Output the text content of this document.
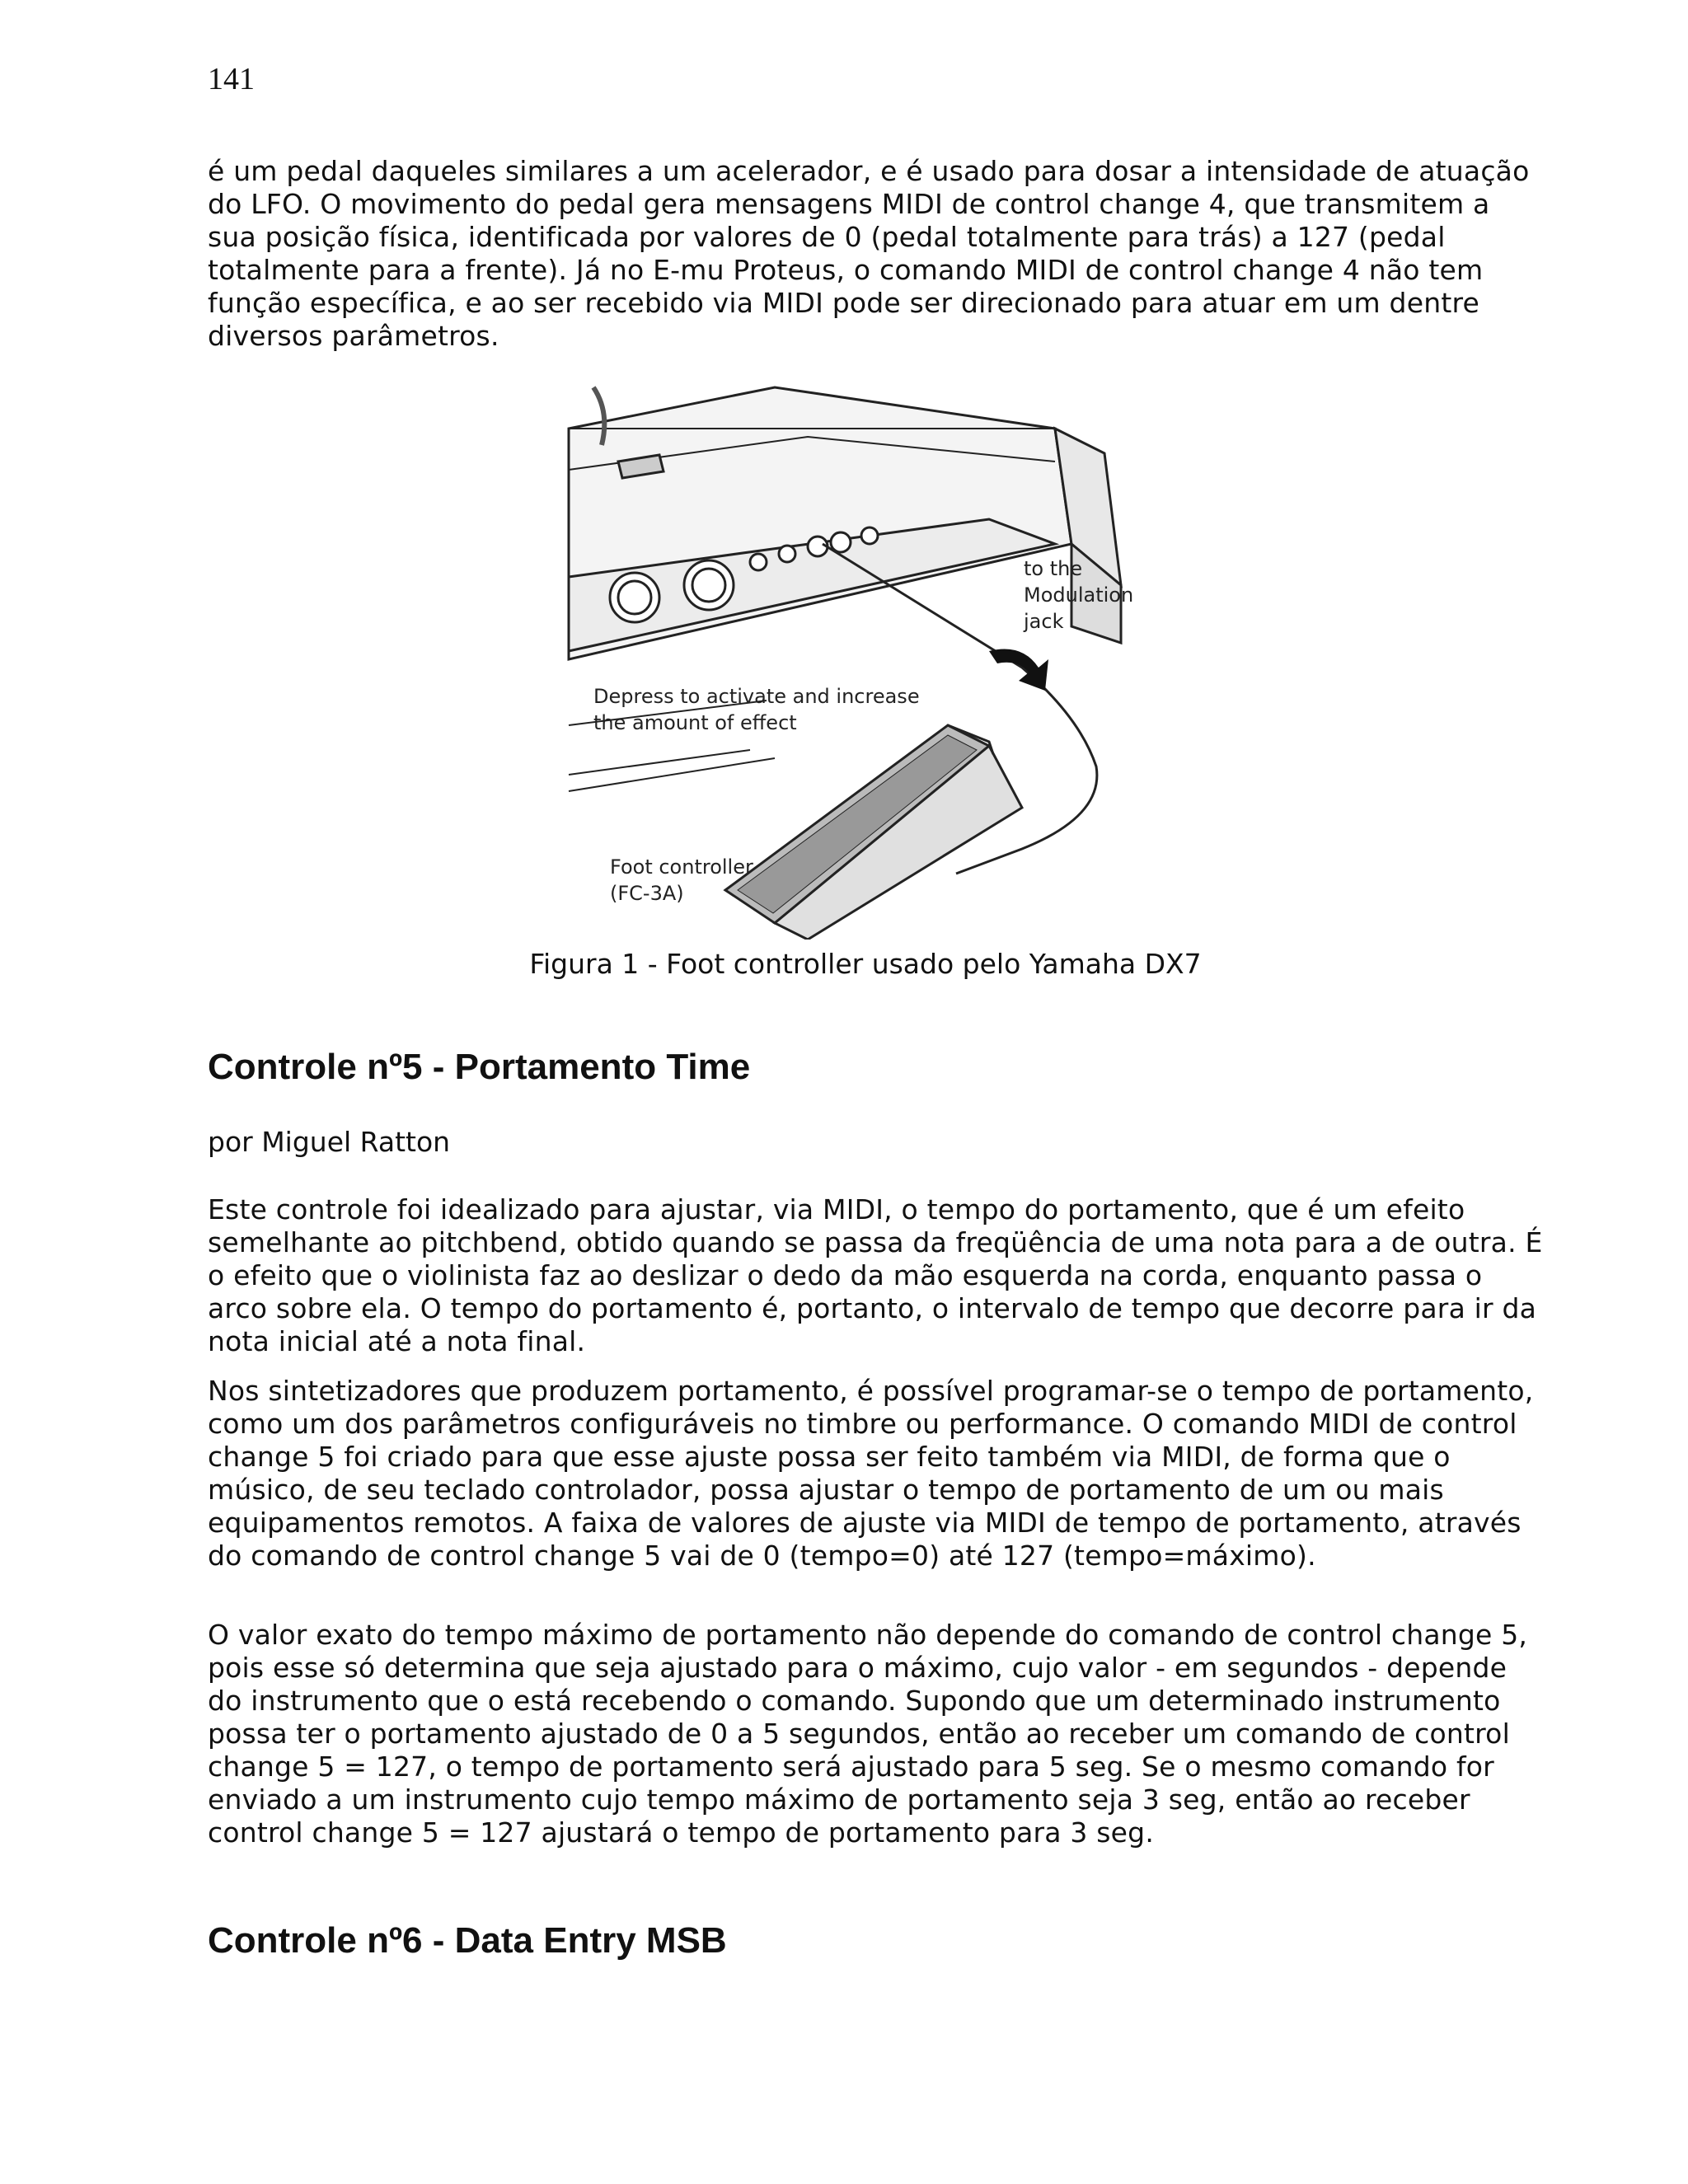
141

é um pedal daqueles similares a um acelerador, e é usado para dosar a intensidade de atuação do LFO. O movimento do pedal gera mensagens MIDI de control change 4, que transmitem a sua posição física, identificada por valores de 0 (pedal totalmente para trás) a 127 (pedal totalmente para a frente). Já no E-mu Proteus, o comando MIDI de control change 4 não tem função específica, e ao ser recebido via MIDI pode ser direcionado para atuar em um dentre diversos parâmetros.

to the
Modulation
jack
Depress to activate and increase
the amount of effect
Foot controller
(FC-3A)
Figura 1 - Foot controller usado pelo Yamaha DX7
Controle nº5 - Portamento Time

por Miguel Ratton

Este controle foi idealizado para ajustar, via MIDI, o tempo do portamento, que é um efeito semelhante ao pitchbend, obtido quando se passa da freqüência de uma nota para a de outra. É o efeito que o violinista faz ao deslizar o dedo da mão esquerda na corda, enquanto passa o arco sobre ela. O tempo do portamento é, portanto, o intervalo de tempo que decorre para ir da nota inicial até a nota final.

Nos sintetizadores que produzem portamento, é possível programar-se o tempo de portamento, como um dos parâmetros configuráveis no timbre ou performance. O comando MIDI de control change 5 foi criado para que esse ajuste possa ser feito também via MIDI, de forma que o músico, de seu teclado controlador, possa ajustar o tempo de portamento de um ou mais equipamentos remotos. A faixa de valores de ajuste via MIDI de tempo de portamento, através do comando de control change 5 vai de 0 (tempo=0) até 127 (tempo=máximo).

O valor exato do tempo máximo de portamento não depende do comando de control change 5, pois esse só determina que seja ajustado para o máximo, cujo valor - em segundos - depende do instrumento que o está recebendo o comando. Supondo que um determinado instrumento possa ter o portamento ajustado de 0 a 5 segundos, então ao receber um comando de control change 5 = 127, o tempo de portamento será ajustado para 5 seg. Se o mesmo comando for enviado a um instrumento cujo tempo máximo de portamento seja 3 seg, então ao receber control change 5 = 127 ajustará o tempo de portamento para 3 seg.

Controle nº6 - Data Entry MSB
